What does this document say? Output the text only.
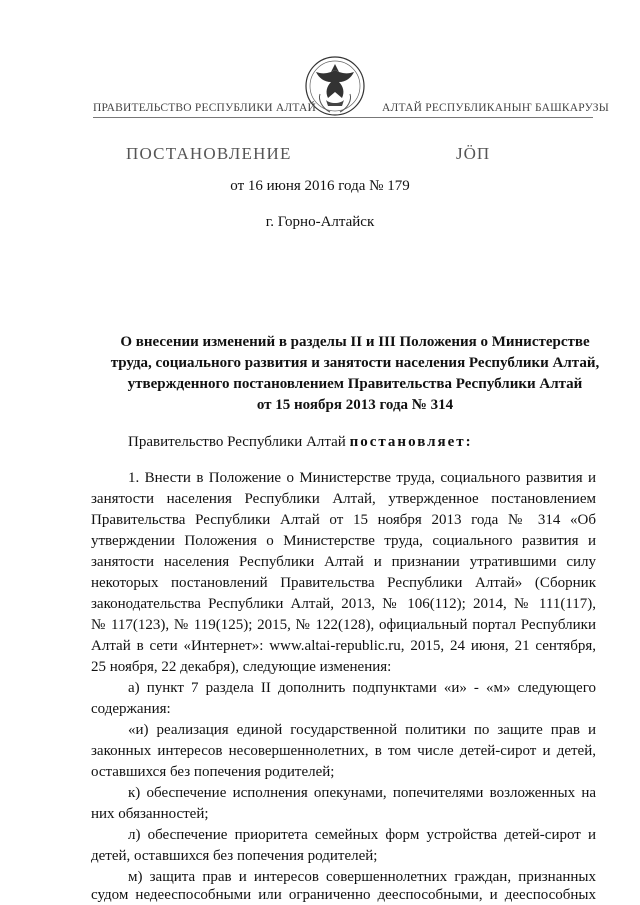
ПРАВИТЕЛЬСТВО РЕСПУБЛИКИ АЛТАЙ	АЛТАЙ РЕСПУБЛИКАНЫҤ БАШКАРУЗЫ
ПОСТАНОВЛЕНИЕ	JÖП
от 16 июня 2016 года № 179
г. Горно-Алтайск
О внесении изменений в разделы II и III Положения о Министерстве
труда, социального развития и занятости населения Республики Алтай,
утвержденного постановлением Правительства Республики Алтай
от 15 ноября 2013 года № 314
Правительство Республики Алтай постановляет:
1. Внести в Положение о Министерстве труда, социального развития и
занятости населения Республики Алтай, утвержденное постановлением
Правительства Республики Алтай от 15 ноября 2013 года № 314 «Об
утверждении Положения о Министерстве труда, социального развития и
занятости населения Республики Алтай и признании утратившими силу
некоторых постановлений Правительства Республики Алтай» (Сборник
законодательства Республики Алтай, 2013, № 106(112); 2014, № 111(117),
№ 117(123), № 119(125); 2015, № 122(128), официальный портал Республики
Алтай в сети «Интернет»: www.altai-republic.ru, 2015, 24 июня, 21 сентября,
25 ноября, 22 декабря), следующие изменения:
а) пункт 7 раздела II дополнить подпунктами «и» - «м» следующего
содержания:
«и) реализация единой государственной политики по защите прав и
законных интересов несовершеннолетних, в том числе детей-сирот и детей,
оставшихся без попечения родителей;
к) обеспечение исполнения опекунами, попечителями возложенных на
них обязанностей;
л) обеспечение приоритета семейных форм устройства детей-сирот и
детей, оставшихся без попечения родителей;
м) защита прав и интересов совершеннолетних граждан, признанных
судом недееспособными или ограниченно дееспособными, и дееспособных
